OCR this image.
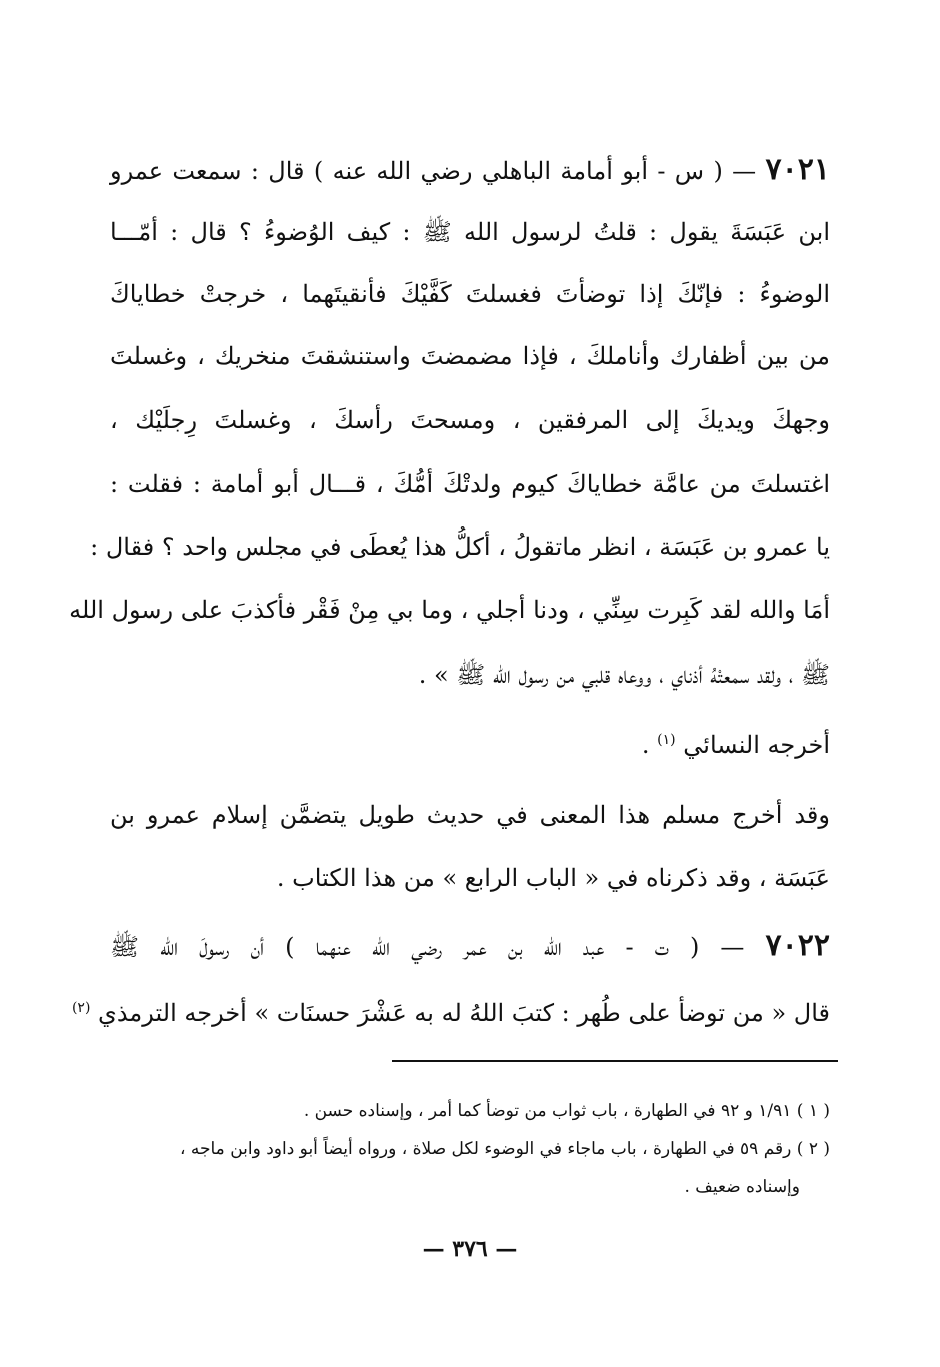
٧٠٢١ — ( س - أبو أمامة الباهلي رضي الله عنه ) قال : سمعت عمرو
ابن عَبَسَةَ يقول : قلتُ لرسول الله ﷺ : كيف الوُضوءُ ؟ قال : أمّـــا
الوضوءُ : فإنّكَ إذا توضأتَ فغسلتَ كَفَّيْكَ فأنقيتَهما ، خرجتْ خطاياكَ
من بين أظفارك وأناملكَ ، فإذا مضمضتَ واستنشقتَ منخريك ، وغسلتَ
وجهكَ ويديكَ إلى المرفقين ، ومسحتَ رأسكَ ، وغسلتَ رِجلَيْك ،
اغتسلتَ من عامَّة خطاياكَ كيوم ولدتْكَ أمُّكَ ، قـــال أبو أمامة : فقلت :
يا عمرو بن عَبَسَة ، انظر ماتقولُ ، أكلُّ هذا يُعطَى في مجلس واحد ؟ فقال :
أمَا والله لقد كَبِرت سِنِّي ، ودنا أجلي ، وما بي مِنْ فَقْر فأكذبَ على رسول الله
ﷺ ، ولقد سمعتْهُ أذناي ، ووعاه قلبي من رسول الله ﷺ » .
أخرجه النسائي $^{(١)}$ .
وقد أخرج مسلم هذا المعنى في حديث طويل يتضمَّن إسلام عمرو بن
عَبَسَة ، وقد ذكرناه في « الباب الرابع » من هذا الكتاب .
٧٠٢٢ — ( ت - عبد الله بن عمر رضي الله عنهما ) أن رسولَ الله ﷺ
قال « من توضأ على طُهر : كتبَ اللهُ له به عَشْرَ حسنَات » أخرجه الترمذي $^{(٢)}$
( ١ ) ١/٩١ و ٩٢ في الطهارة ، باب ثواب من توضأ كما أمر ، وإسناده حسن .
( ٢ ) رقم ٥٩ في الطهارة ، باب ماجاء في الوضوء لكل صلاة ، ورواه أيضاً أبو داود وابن ماجه ،
وإسناده ضعيف .
— ٣٧٦ —
